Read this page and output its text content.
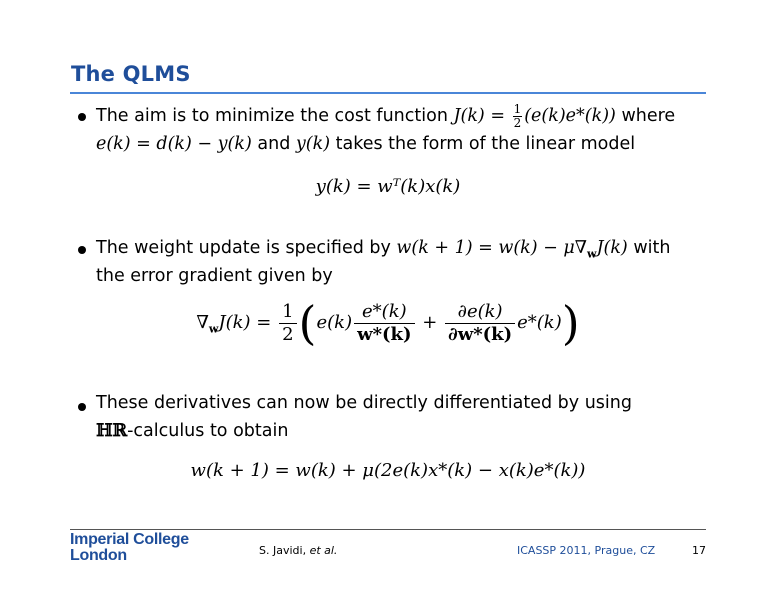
The QLMS
The aim is to minimize the cost function $J(k) = \frac{1}{2} (e(k)e*(k))$ where
e(k) = d(k) − y(k) and y(k) takes the form of the linear model
y(k) = wᵀ(k)x(k)
The weight update is specified by $w(k + 1) = w(k) - \mu\nabla_wJ(k)$ with
the error gradient given by
$\nabla_wJ(k) = \frac{1}{2} (e(k) \frac{e*(k)}{w*(k)} + \frac{\partial e(k)}{\partial w*(k)} e*(k))$
These derivatives can now be directly differentiated by using
ℍℝ-calculus to obtain
w(k + 1) = w(k) + μ(2e(k)x*(k) − x(k)e*(k))
Imperial College
London	S. Javidi, et al.	ICASSP 2011, Prague, CZ	17
